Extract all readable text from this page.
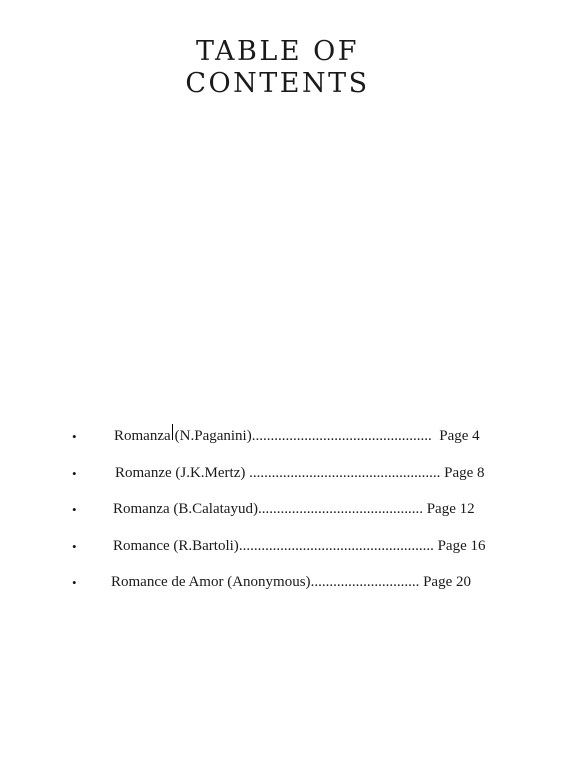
TABLE OF
CONTENTS
• Romanza (N.Paganini) ................................................ Page 4
•	Romanze (J.K.Mertz) ................................................... Page 8
• Romanza (B.Calatayud) ............................................ Page 12
• Romance (R.Bartoli) .................................................... Page 16
• Romance de Amor (Anonymous) ............................. Page 20
